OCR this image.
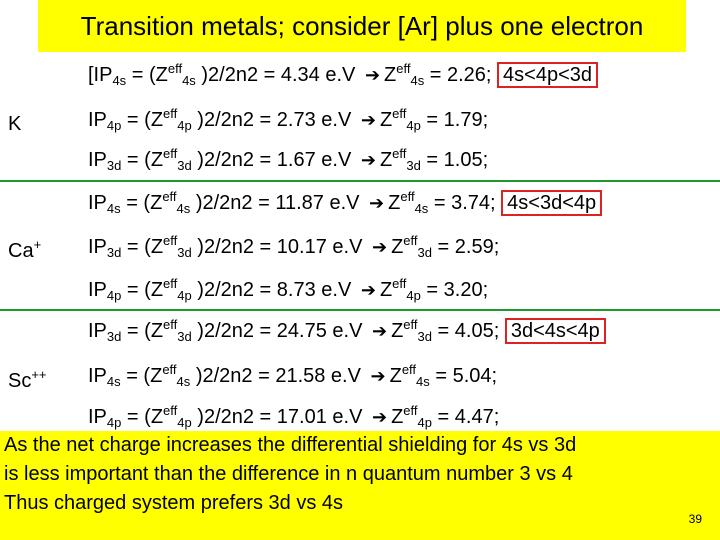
Transition metals; consider [Ar] plus one electron
K
[$IP_{4s} = (Z^{eff}_{4s}$ )2/2n2 = 4.34 e.V ➔ $Z^{eff}_{4s} = 2.26$; 4s<4p<3d
$IP_{4p} = (Z^{eff}_{4p}$ )2/2n2 = 2.73 e.V ➔ $Z^{eff}_{4p} = 1.79$;
$IP_{3d} = (Z^{eff}_{3d}$ )2/2n2 = 1.67 e.V ➔ $Z^{eff}_{3d} = 1.05$;
Ca+
$IP_{4s} = (Z^{eff}_{4s}$ )2/2n2 = 11.87 e.V ➔ $Z^{eff}_{4s} = 3.74$; 4s<3d<4p
$IP_{3d} = (Z^{eff}_{3d}$ )2/2n2 = 10.17 e.V ➔ $Z^{eff}_{3d} = 2.59$;
$IP_{4p} = (Z^{eff}_{4p}$ )2/2n2 = 8.73 e.V ➔ $Z^{eff}_{4p} = 3.20$;
Sc++
$IP_{3d} = (Z^{eff}_{3d}$ )2/2n2 = 24.75 e.V ➔ $Z^{eff}_{3d} = 4.05$; 3d<4s<4p
$IP_{4s} = (Z^{eff}_{4s}$ )2/2n2 = 21.58 e.V ➔ $Z^{eff}_{4s} = 5.04$;
$IP_{4p} = (Z^{eff}_{4p}$ )2/2n2 = 17.01 e.V ➔ $Z^{eff}_{4p} = 4.47$;
As the net charge increases the differential shielding for 4s vs 3d
is less important than the difference in n quantum number 3 vs 4
Thus charged system prefers 3d vs 4s
39
